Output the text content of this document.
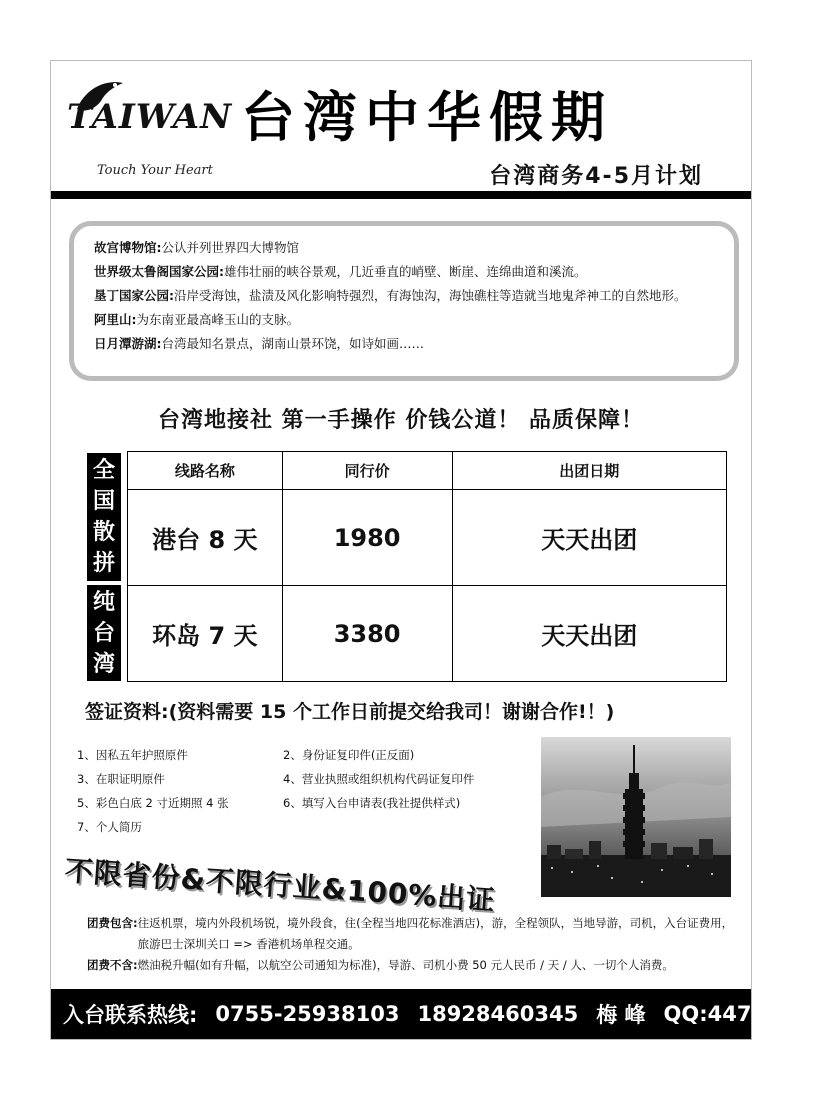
TAIWAN
Touch Your Heart
台湾中华假期
台湾商务4-5月计划
故宫博物馆: 公认并列世界四大博物馆
世界级太鲁阁国家公园: 雄伟壮丽的峡谷景观，几近垂直的峭壁、断崖、连绵曲道和溪流。
垦丁国家公园: 沿岸受海蚀，盐渍及风化影响特强烈，有海蚀沟，海蚀礁柱等造就当地鬼斧神工的自然地形。
阿里山: 为东南亚最高峰玉山的支脉。
日月潭游湖: 台湾最知名景点，湖南山景环饶，如诗如画……
台湾地接社 第一手操作 价钱公道！ 品质保障！
全国散拼
纯台湾
线路名称	同行价	出团日期
港台 8 天	1980	天天出团
环岛 7 天	3380	天天出团
签证资料:(资料需要 15 个工作日前提交给我司！谢谢合作!！)
1、因私五年护照原件	2、身份证复印件(正反面)
3、在职证明原件	4、营业执照或组织机构代码证复印件
5、彩色白底 2 寸近期照 4 张	6、填写入台申请表(我社提供样式)
7、个人简历
不限省份&不限行业&100%出证
团费包含: 往返机票，境内外段机场锐，境外段食，住(全程当地四花标准酒店)，游，全程领队，当地导游，司机，入台证费用，旅游巴士深圳关口 => 香港机场单程交通。
团费不含: 燃油税升幅(如有升幅，以航空公司通知为标准)，导游、司机小费 50 元人民币 / 天 / 人、一切个人消费。
入台联系热线: 0755-25938103 18928460345 梅 峰 QQ:447953262
